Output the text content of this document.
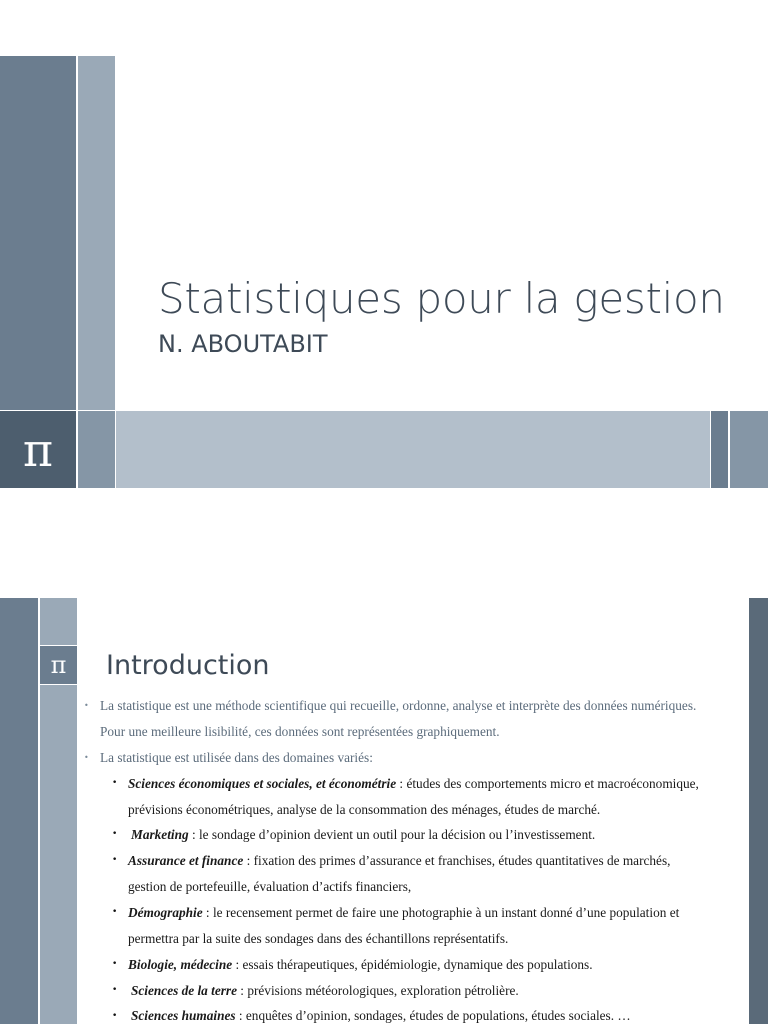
π
Statistiques pour la gestion
N. ABOUTABIT
π	Introduction
• La statistique est une méthode scientifique qui recueille, ordonne, analyse et interprète des données numériques.
Pour une meilleure lisibilité, ces données sont représentées graphiquement.
• La statistique est utilisée dans des domaines variés:
• Sciences économiques et sociales, et économétrie : études des comportements micro et macroéconomique,
prévisions économétriques, analyse de la consommation des ménages, études de marché.
• Marketing : le sondage d’opinion devient un outil pour la décision ou l’investissement.
• Assurance et finance : fixation des primes d’assurance et franchises, études quantitatives de marchés,
gestion de portefeuille, évaluation d’actifs financiers,
• Démographie : le recensement permet de faire une photographie à un instant donné d’une population et
permettra par la suite des sondages dans des échantillons représentatifs.
• Biologie, médecine : essais thérapeutiques, épidémiologie, dynamique des populations.
• Sciences de la terre : prévisions météorologiques, exploration pétrolière.
• Sciences humaines : enquêtes d’opinion, sondages, études de populations, études sociales. …
